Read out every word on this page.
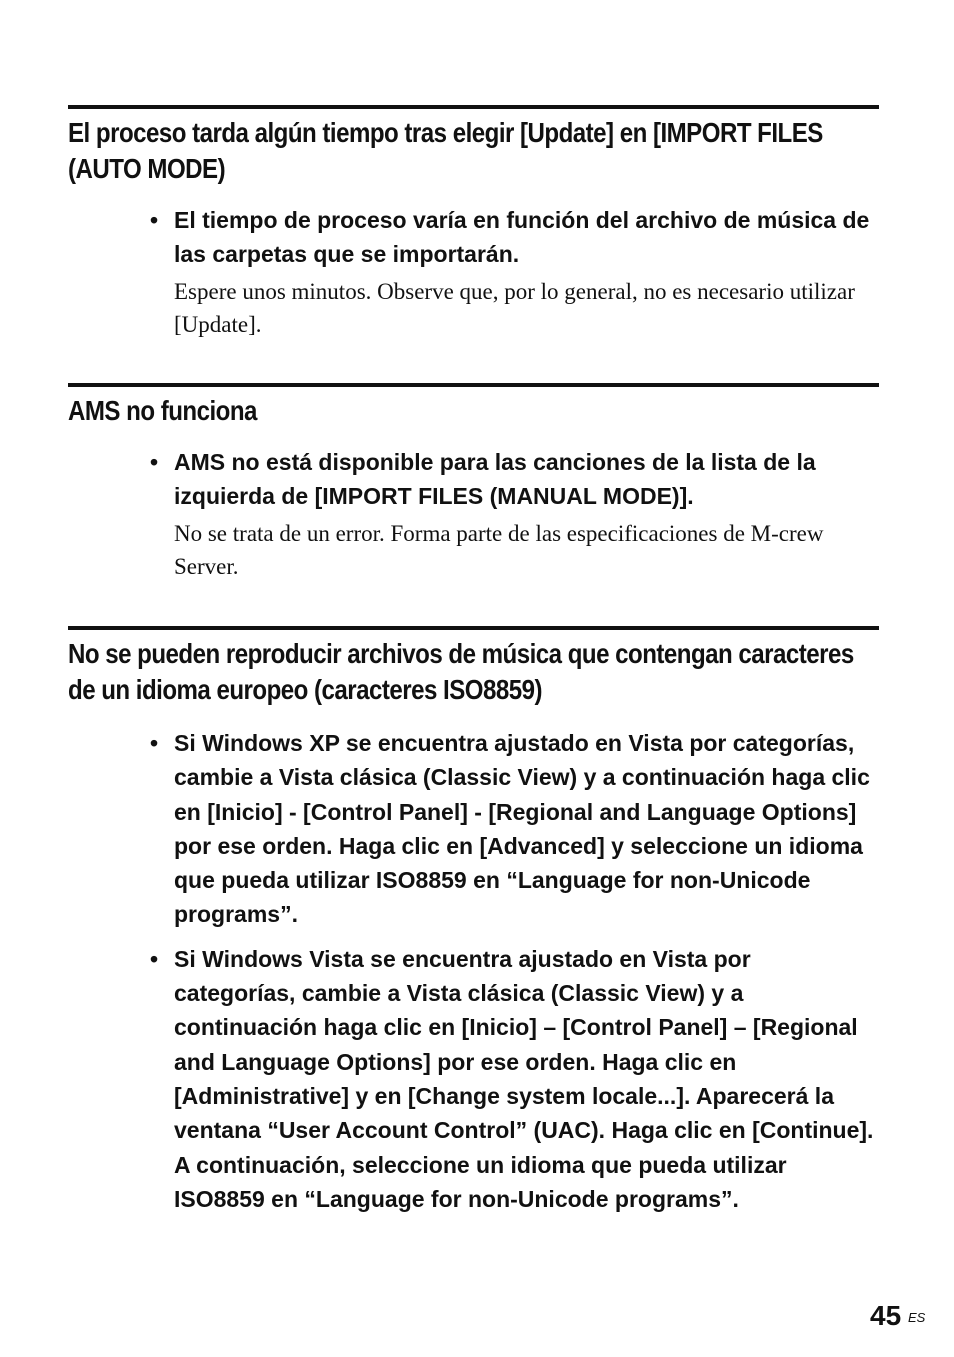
El proceso tarda algún tiempo tras elegir [Update] en [IMPORT FILES (AUTO MODE)
• El tiempo de proceso varía en función del archivo de música de las carpetas que se importarán.

Espere unos minutos. Observe que, por lo general, no es necesario utilizar [Update].

AMS no funciona
• AMS no está disponible para las canciones de la lista de la izquierda de [IMPORT FILES (MANUAL MODE)].

No se trata de un error. Forma parte de las especificaciones de M-crew Server.

No se pueden reproducir archivos de música que contengan caracteres de un idioma europeo (caracteres ISO8859)
• Si Windows XP se encuentra ajustado en Vista por categorías, cambie a Vista clásica (Classic View) y a continuación haga clic en [Inicio] - [Control Panel] - [Regional and Language Options] por ese orden. Haga clic en [Advanced] y seleccione un idioma que pueda utilizar ISO8859 en “Language for non-Unicode programs”.

• Si Windows Vista se encuentra ajustado en Vista por categorías, cambie a Vista clásica (Classic View) y a continuación haga clic en [Inicio] – [Control Panel] – [Regional and Language Options] por ese orden. Haga clic en [Administrative] y en [Change system locale...]. Aparecerá la ventana “User Account Control” (UAC). Haga clic en [Continue]. A continuación, seleccione un idioma que pueda utilizar ISO8859 en “Language for non-Unicode programs”.

45 ES
